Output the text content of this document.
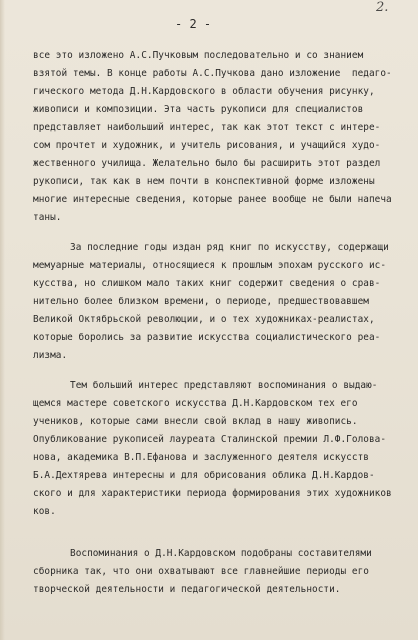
- 2 -
2.
все это изложено А.С.Пучковым последовательно и со знанием
взятой темы. В конце работы А.С.Пучкова дано изложение  педаго-
гического метода Д.Н.Кардовского в области обучения рисунку,
живописи и композиции. Эта часть рукописи для специалистов
представляет наибольший интерес, так как этот текст с интере-
сом прочтет и художник, и учитель рисования, и учащийся худо-
жественного училища. Желательно было бы расширить этот раздел
рукописи, так как в нем почти в конспективной форме изложены
многие интересные сведения, которые ранее вообще не были напеча
таны.
За последние годы издан ряд книг по искусству, содержащи
мемуарные материалы, относящиеся к прошлым эпохам русского ис-
кусства, но слишком мало таких книг содержит сведения о срав-
нительно более близком времени, о периоде, предшествовавшем
Великой Октябрьской революции, и о тех художниках-реалистах,
которые боролись за развитие искусства социалистического реа-
лизма.
Тем больший интерес представляют воспоминания о выдаю-
щемся мастере советского искусства Д.Н.Кардовском тех его
учеников, которые сами внесли свой вклад в нашу живопись.
Опубликование рукописей лауреата Сталинской премии Л.Ф.Голова-
нова, академика В.П.Ефанова и заслуженного деятеля искусств
Б.А.Дехтярева интересны и для обрисования облика Д.Н.Кардов-
ского и для характеристики периода формирования этих художников
ков.
Воспоминания о Д.Н.Кардовском подобраны составителями
сборника так, что они охватывают все главнейшие периоды его
творческой деятельности и педагогической деятельности.
